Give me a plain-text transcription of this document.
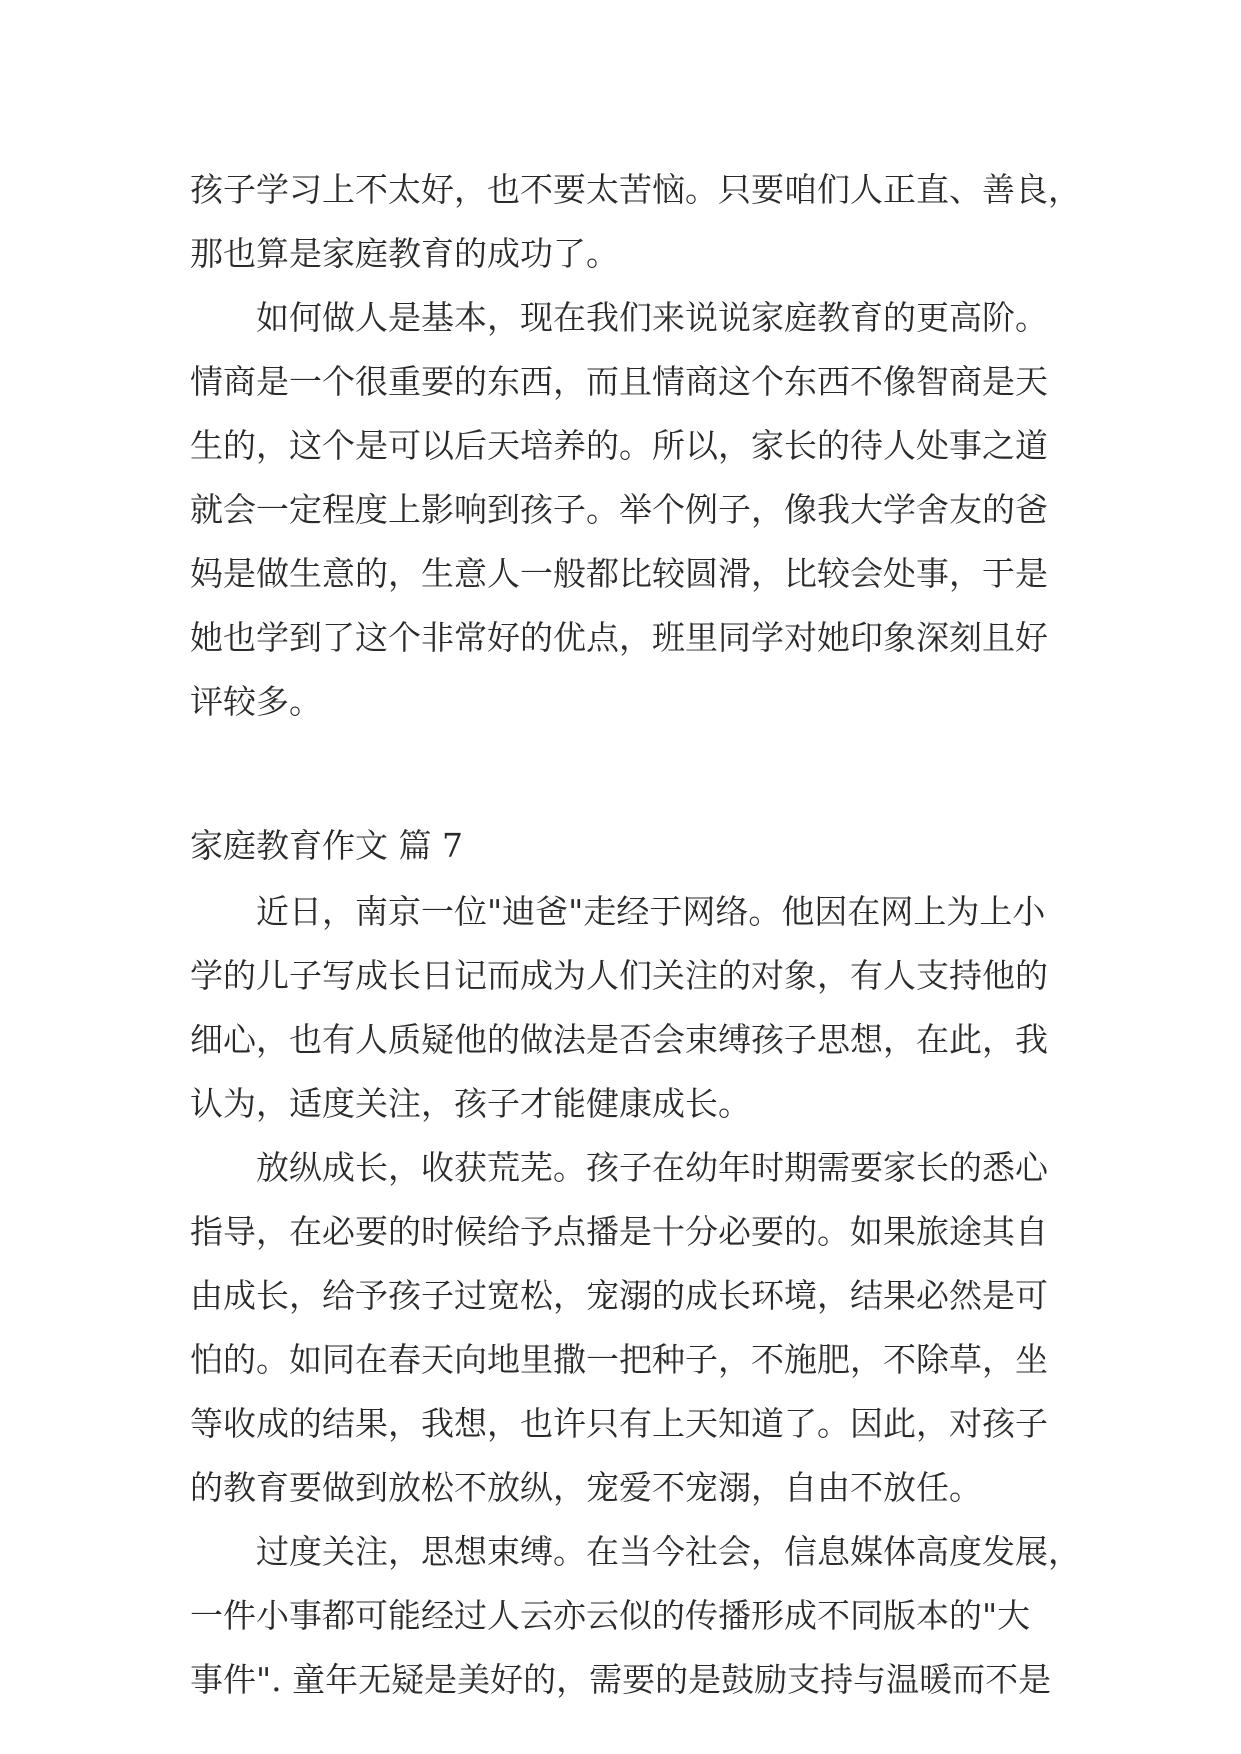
孩子学习上不太好，也不要太苦恼。只要咱们人正直、善良，
那也算是家庭教育的成功了。
如何做人是基本，现在我们来说说家庭教育的更高阶。
情商是一个很重要的东西，而且情商这个东西不像智商是天
生的，这个是可以后天培养的。所以，家长的待人处事之道
就会一定程度上影响到孩子。举个例子，像我大学舍友的爸
妈是做生意的，生意人一般都比较圆滑，比较会处事，于是
她也学到了这个非常好的优点，班里同学对她印象深刻且好
评较多。
家庭教育作文 篇 7
近日，南京一位"迪爸"走经于网络。他因在网上为上小
学的儿子写成长日记而成为人们关注的对象，有人支持他的
细心，也有人质疑他的做法是否会束缚孩子思想，在此，我
认为，适度关注，孩子才能健康成长。
放纵成长，收获荒芜。孩子在幼年时期需要家长的悉心
指导，在必要的时候给予点播是十分必要的。如果旅途其自
由成长，给予孩子过宽松，宠溺的成长环境，结果必然是可
怕的。如同在春天向地里撒一把种子，不施肥，不除草，坐
等收成的结果，我想，也许只有上天知道了。因此，对孩子
的教育要做到放松不放纵，宠爱不宠溺，自由不放任。
过度关注，思想束缚。在当今社会，信息媒体高度发展，
一件小事都可能经过人云亦云似的传播形成不同版本的"大
事件". 童年无疑是美好的，需要的是鼓励支持与温暖而不是
